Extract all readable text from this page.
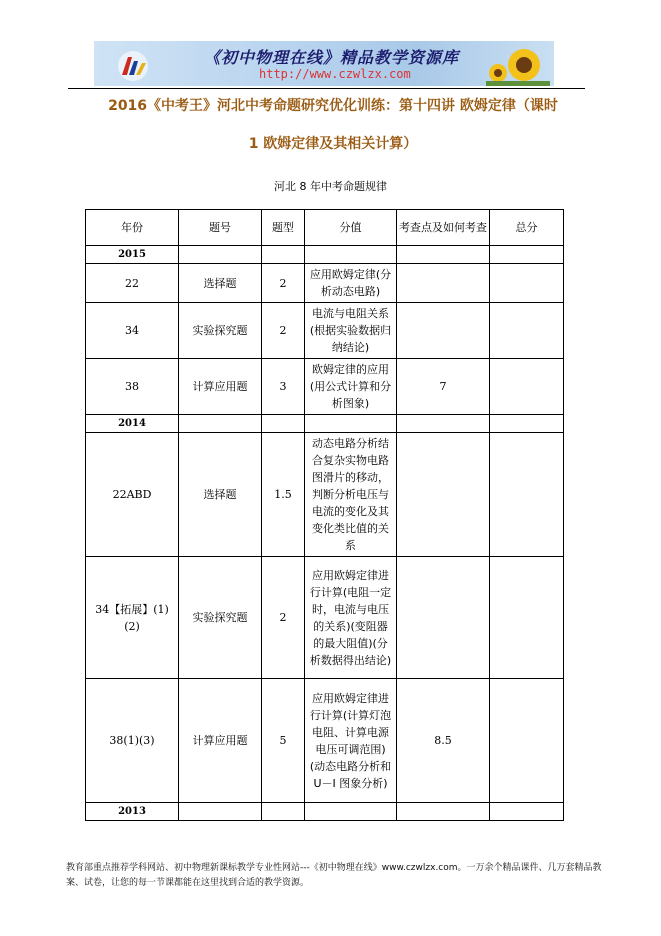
《初中物理在线》精品教学资源库
http://www.czwlzx.com
2016《中考王》河北中考命题研究优化训练：第十四讲 欧姆定律（课时
1 欧姆定律及其相关计算）
河北 8 年中考命题规律
年份	题号	题型	分值	考查点及如何考查	总分
2015					
22	选择题	2	应用欧姆定律(分析动态电路)		
34	实验探究题	2	电流与电阻关系(根据实验数据归纳结论)		
38	计算应用题	3	欧姆定律的应用(用公式计算和分析图象)	7	
2014					
22ABD	选择题	1.5	动态电路分析结合复杂实物电路图滑片的移动，判断分析电压与电流的变化及其变化类比值的关系		
34【拓展】(1)(2)	实验探究题	2	应用欧姆定律进行计算(电阻一定时，电流与电压的关系)(变阻器的最大阻值)(分析数据得出结论)		
38(1)(3)	计算应用题	5	应用欧姆定律进行计算(计算灯泡电阻、计算电源电压可调范围)(动态电路分析和 U－I 图象分析)	8.5	
2013					
教育部重点推荐学科网站、初中物理新课标教学专业性网站---《初中物理在线》www.czwlzx.com。一万余个精品课件、几万套精品教案、试卷，让您的每一节课都能在这里找到合适的教学资源。
